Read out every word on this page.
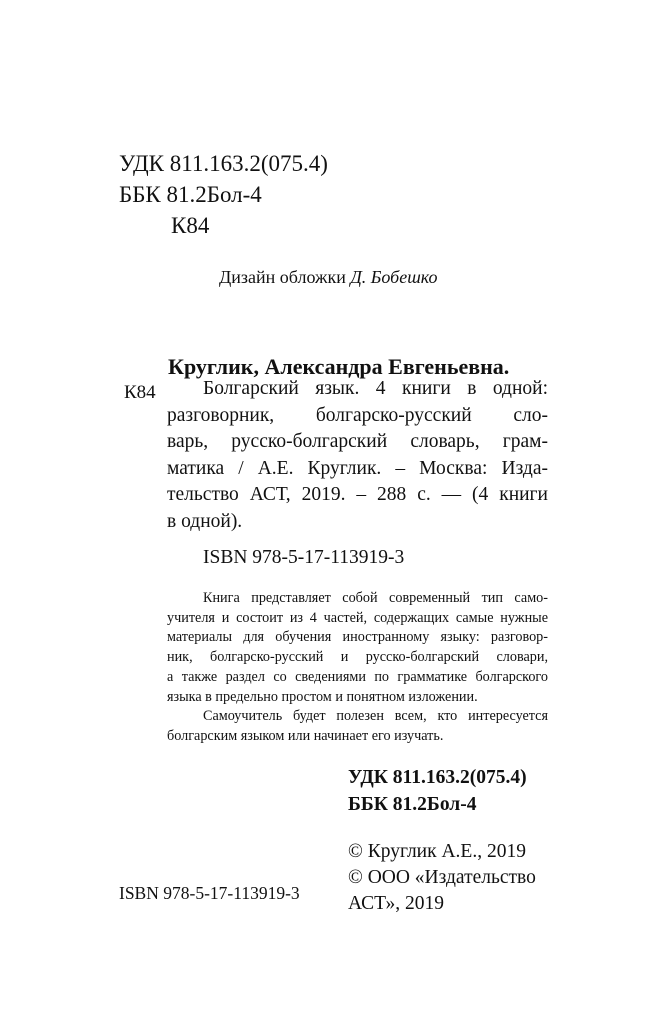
УДК 811.163.2(075.4)
ББК 81.2Бол-4
К84

Дизайн обложки Д. Бобешко

Круглик, Александра Евгеньевна.

К84	Болгарский язык. 4 книги в одной:
разговорник, болгарско-русский сло-
варь, русско-болгарский словарь, грам-
матика / А.Е. Круглик. – Москва: Изда-
тельство АСТ, 2019. – 288 с. — (4 книги
в одной).

ISBN 978-5-17-113919-3

Книга представляет собой современный тип само-
учителя и состоит из 4 частей, содержащих самые нужные
материалы для обучения иностранному языку: разговор-
ник, болгарско-русский и русско-болгарский словари,
а также раздел со сведениями по грамматике болгарского
языка в предельно простом и понятном изложении.
Самоучитель будет полезен всем, кто интересуется
болгарским языком или начинает его изучать.
УДК 811.163.2(075.4)
ББК 81.2Бол-4
© Круглик А.Е., 2019
© ООО «Издательство
АСТ», 2019

ISBN 978-5-17-113919-3
